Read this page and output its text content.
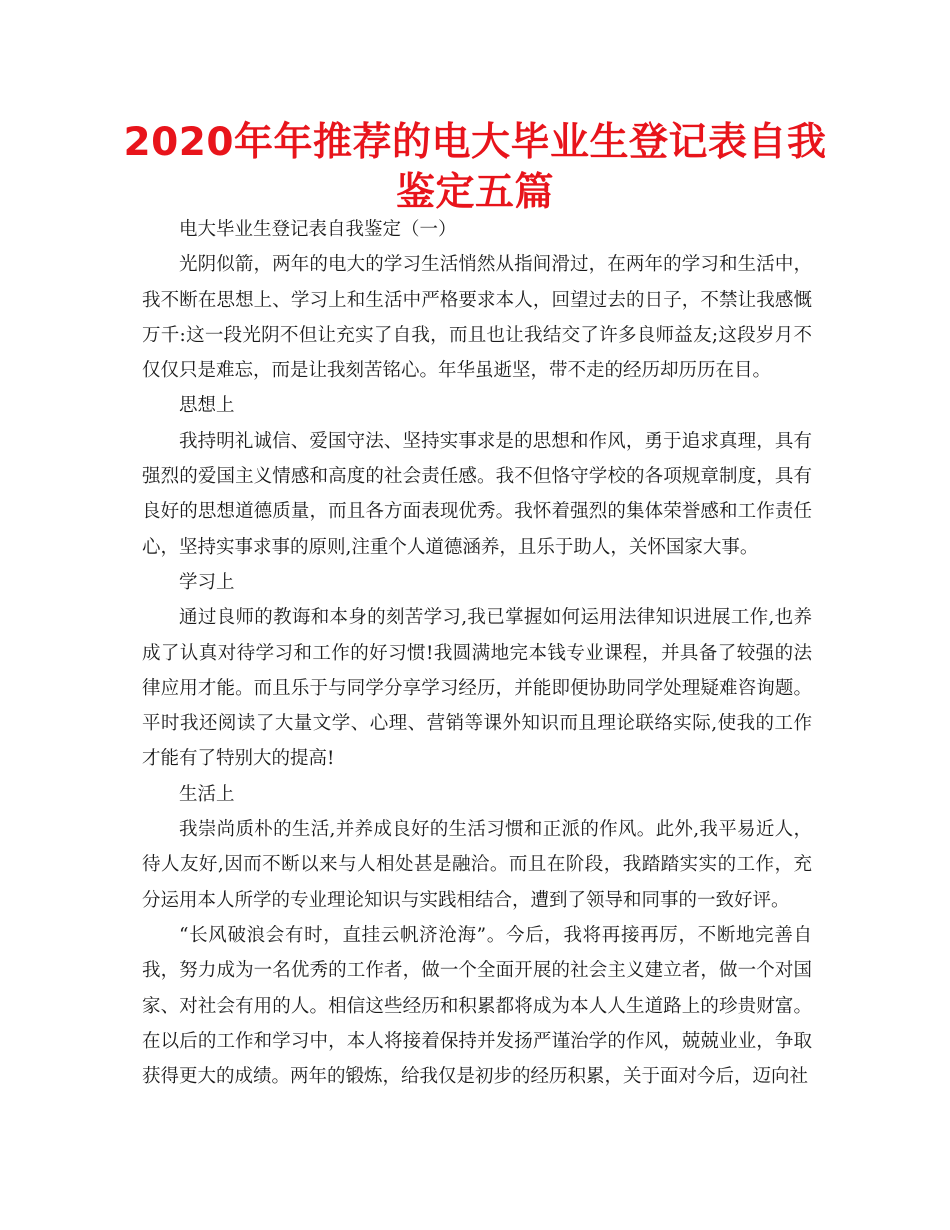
2020年年推荐的电大毕业生登记表自我鉴定五篇

电大毕业生登记表自我鉴定（一）

光阴似箭，两年的电大的学习生活悄然从指间滑过，在两年的学习和生活中，我不断在思想上、学习上和生活中严格要求本人，回望过去的日子，不禁让我感慨万千:这一段光阴不但让充实了自我，而且也让我结交了许多良师益友;这段岁月不仅仅只是难忘，而是让我刻苦铭心。年华虽逝坚，带不走的经历却历历在目。

思想上

我持明礼诚信、爱国守法、坚持实事求是的思想和作风，勇于追求真理，具有强烈的爱国主义情感和高度的社会责任感。我不但恪守学校的各项规章制度，具有良好的思想道德质量，而且各方面表现优秀。我怀着强烈的集体荣誉感和工作责任心，坚持实事求事的原则,注重个人道德涵养，且乐于助人，关怀国家大事。

学习上

通过良师的教诲和本身的刻苦学习,我已掌握如何运用法律知识进展工作,也养成了认真对待学习和工作的好习惯!我圆满地完本钱专业课程，并具备了较强的法律应用才能。而且乐于与同学分享学习经历，并能即便协助同学处理疑难咨询题。平时我还阅读了大量文学、心理、营销等课外知识而且理论联络实际,使我的工作才能有了特别大的提高!

生活上

我崇尚质朴的生活,并养成良好的生活习惯和正派的作风。此外,我平易近人，待人友好,因而不断以来与人相处甚是融洽。而且在阶段，我踏踏实实的工作，充分运用本人所学的专业理论知识与实践相结合，遭到了领导和同事的一致好评。

“长风破浪会有时，直挂云帆济沧海”。今后，我将再接再厉，不断地完善自我，努力成为一名优秀的工作者，做一个全面开展的社会主义建立者，做一个对国家、对社会有用的人。相信这些经历和积累都将成为本人人生道路上的珍贵财富。在以后的工作和学习中，本人将接着保持并发扬严谨治学的作风，兢兢业业，争取获得更大的成绩。两年的锻炼，给我仅是初步的经历积累，关于面对今后，迈向社
